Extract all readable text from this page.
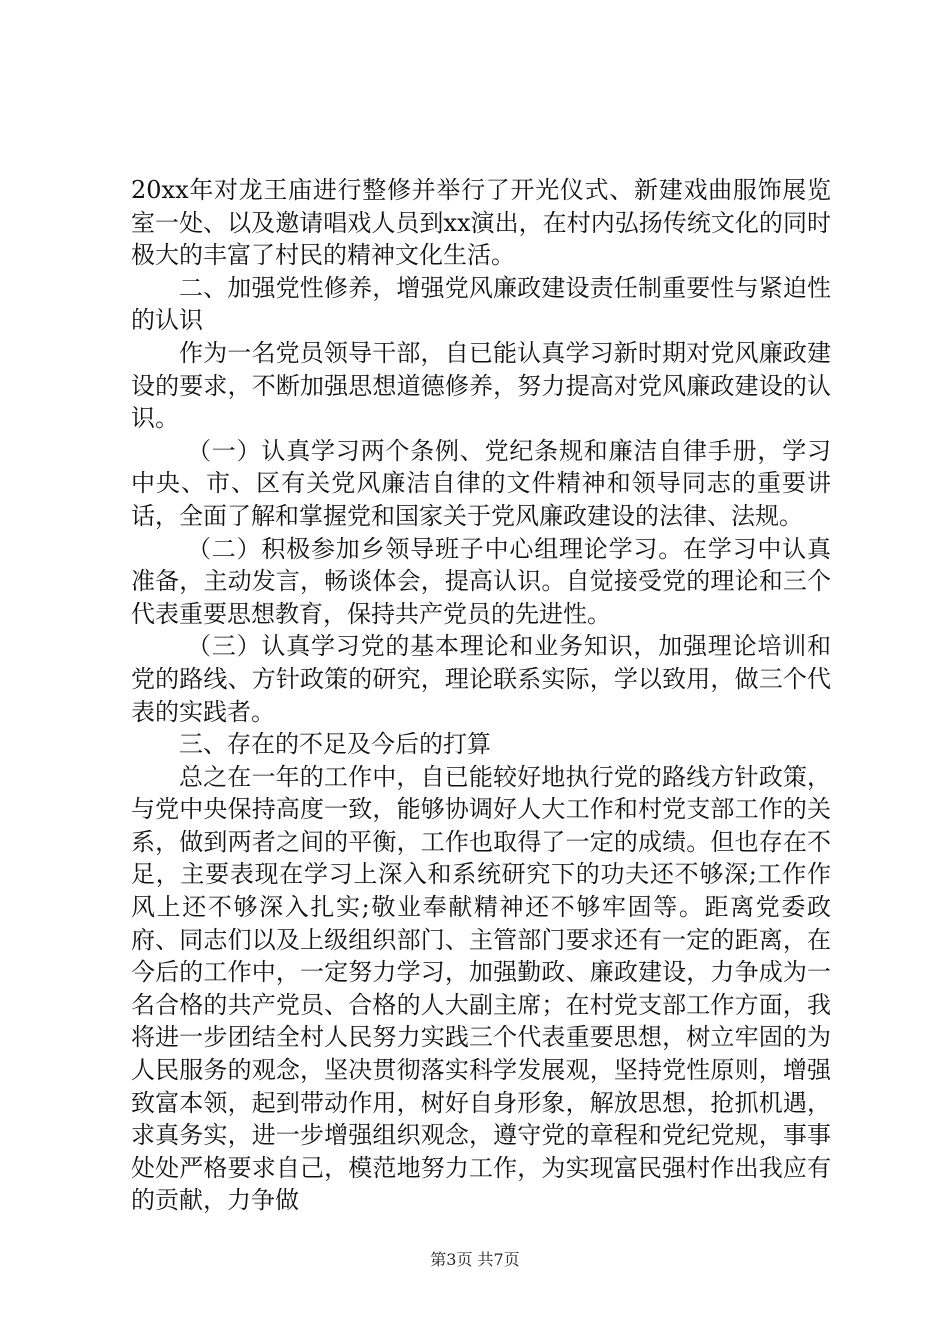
20xx年对龙王庙进行整修并举行了开光仪式、新建戏曲服饰展览室一处、以及邀请唱戏人员到xx演出，在村内弘扬传统文化的同时极大的丰富了村民的精神文化生活。

二、加强党性修养，增强党风廉政建设责任制重要性与紧迫性的认识

作为一名党员领导干部，自已能认真学习新时期对党风廉政建设的要求，不断加强思想道德修养，努力提高对党风廉政建设的认识。

（一）认真学习两个条例、党纪条规和廉洁自律手册，学习中央、市、区有关党风廉洁自律的文件精神和领导同志的重要讲话，全面了解和掌握党和国家关于党风廉政建设的法律、法规。

（二）积极参加乡领导班子中心组理论学习。在学习中认真准备，主动发言，畅谈体会，提高认识。自觉接受党的理论和三个代表重要思想教育，保持共产党员的先进性。

（三）认真学习党的基本理论和业务知识，加强理论培训和党的路线、方针政策的研究，理论联系实际，学以致用，做三个代表的实践者。

三、存在的不足及今后的打算

总之在一年的工作中，自已能较好地执行党的路线方针政策，与党中央保持高度一致，能够协调好人大工作和村党支部工作的关系，做到两者之间的平衡，工作也取得了一定的成绩。但也存在不足，主要表现在学习上深入和系统研究下的功夫还不够深;工作作风上还不够深入扎实;敬业奉献精神还不够牢固等。距离党委政府、同志们以及上级组织部门、主管部门要求还有一定的距离，在今后的工作中，一定努力学习，加强勤政、廉政建设，力争成为一名合格的共产党员、合格的人大副主席；在村党支部工作方面，我将进一步团结全村人民努力实践三个代表重要思想，树立牢固的为人民服务的观念，坚决贯彻落实科学发展观，坚持党性原则，增强致富本领，起到带动作用，树好自身形象，解放思想，抢抓机遇，求真务实，进一步增强组织观念，遵守党的章程和党纪党规，事事处处严格要求自己，模范地努力工作，为实现富民强村作出我应有的贡献，力争做

第3页 共7页
